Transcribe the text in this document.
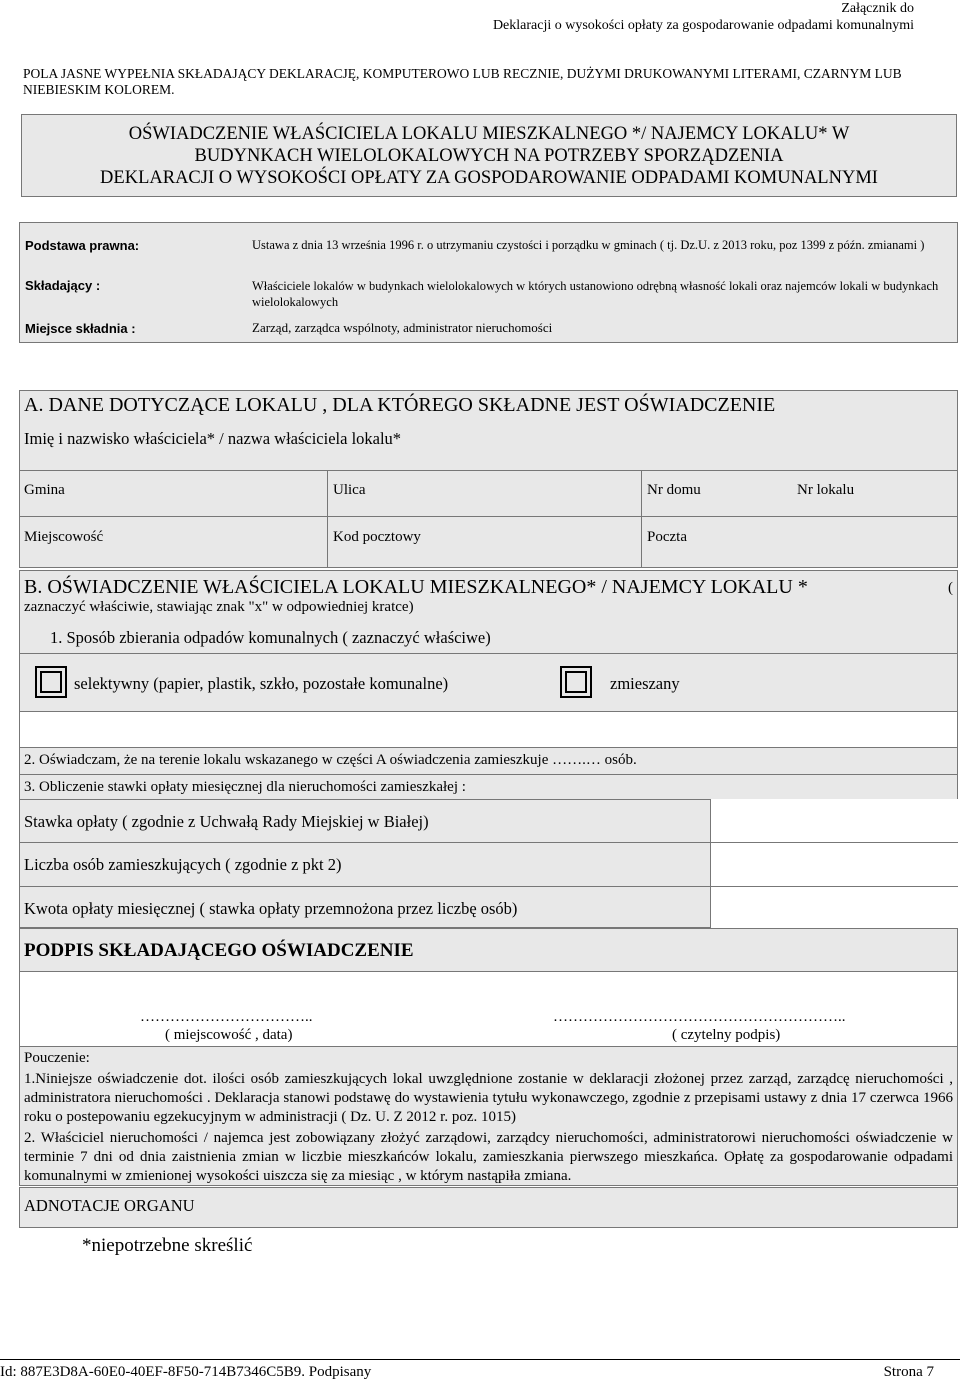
Załącznik do
Deklaracji o wysokości opłaty za gospodarowanie odpadami komunalnymi
POLA JASNE WYPEŁNIA SKŁADAJĄCY DEKLARACJĘ, KOMPUTEROWO LUB RECZNIE, DUŻYMI DRUKOWANYMI LITERAMI, CZARNYM LUB NIEBIESKIM KOLOREM.
OŚWIADCZENIE WŁAŚCICIELA LOKALU MIESZKALNEGO */ NAJEMCY LOKALU* W
BUDYNKACH WIELOLOKALOWYCH NA POTRZEBY SPORZĄDZENIA
DEKLARACJI O WYSOKOŚCI OPŁATY ZA GOSPODAROWANIE ODPADAMI KOMUNALNYMI
Podstawa prawna:	Ustawa z dnia 13 września 1996 r. o utrzymaniu czystości i porządku w gminach ( tj. Dz.U. z 2013 roku, poz 1399 z późn. zmianami )
Składający :	Właściciele lokalów w budynkach wielolokalowych w których ustanowiono odrębną własność lokali oraz najemców lokali w budynkach wielolokalowych
Miejsce składnia :	Zarząd, zarządca wspólnoty, administrator nieruchomości
A. DANE DOTYCZĄCE LOKALU , DLA KTÓREGO SKŁADNE JEST OŚWIADCZENIE
Imię i nazwisko właściciela* / nazwa właściciela lokalu*
Gmina	Ulica	Nr domu	Nr lokalu
Miejscowość	Kod pocztowy	Poczta
B. OŚWIADCZENIE WŁAŚCICIELA LOKALU MIESZKALNEGO* / NAJEMCY LOKALU *	(
zaznaczyć właściwie, stawiając znak "x" w odpowiedniej kratce)
1. Sposób zbierania odpadów komunalnych ( zaznaczyć właściwe)
selektywny (papier, plastik, szkło, pozostałe komunalne)	zmieszany
2. Oświadczam, że na terenie lokalu wskazanego w części A oświadczenia zamieszkuje …….… osób.
3. Obliczenie stawki opłaty miesięcznej dla nieruchomości zamieszkałej :
Stawka opłaty ( zgodnie z Uchwałą Rady Miejskiej w Białej)
Liczba osób zamieszkujących ( zgodnie z pkt 2)
Kwota opłaty miesięcznej ( stawka opłaty przemnożona przez liczbę osób)
PODPIS SKŁADAJĄCEGO OŚWIADCZENIE
……………………………..
( miejscowość , data)
…………………………………………………..
( czytelny podpis)
Pouczenie:
1.Niniejsze oświadczenie dot. ilości osób zamieszkujących lokal uwzględnione zostanie w deklaracji złożonej przez zarząd, zarządcę nieruchomości , administratora nieruchomości . Deklaracja stanowi podstawę do wystawienia tytułu wykonawczego, zgodnie z przepisami ustawy z dnia 17 czerwca 1966 roku o postepowaniu egzekucyjnym w administracji ( Dz. U. Z 2012 r. poz. 1015)
2. Właściciel nieruchomości / najemca jest zobowiązany złożyć zarządowi, zarządcy nieruchomości, administratorowi nieruchomości oświadczenie w terminie 7 dni od dnia zaistnienia zmian w liczbie mieszkańców lokalu, zamieszkania pierwszego mieszkańca. Opłatę za gospodarowanie odpadami komunalnymi w zmienionej wysokości uiszcza się za miesiąc , w którym nastąpiła zmiana.
ADNOTACJE ORGANU
*niepotrzebne skreślić
Id: 887E3D8A-60E0-40EF-8F50-714B7346C5B9. Podpisany	Strona 7
